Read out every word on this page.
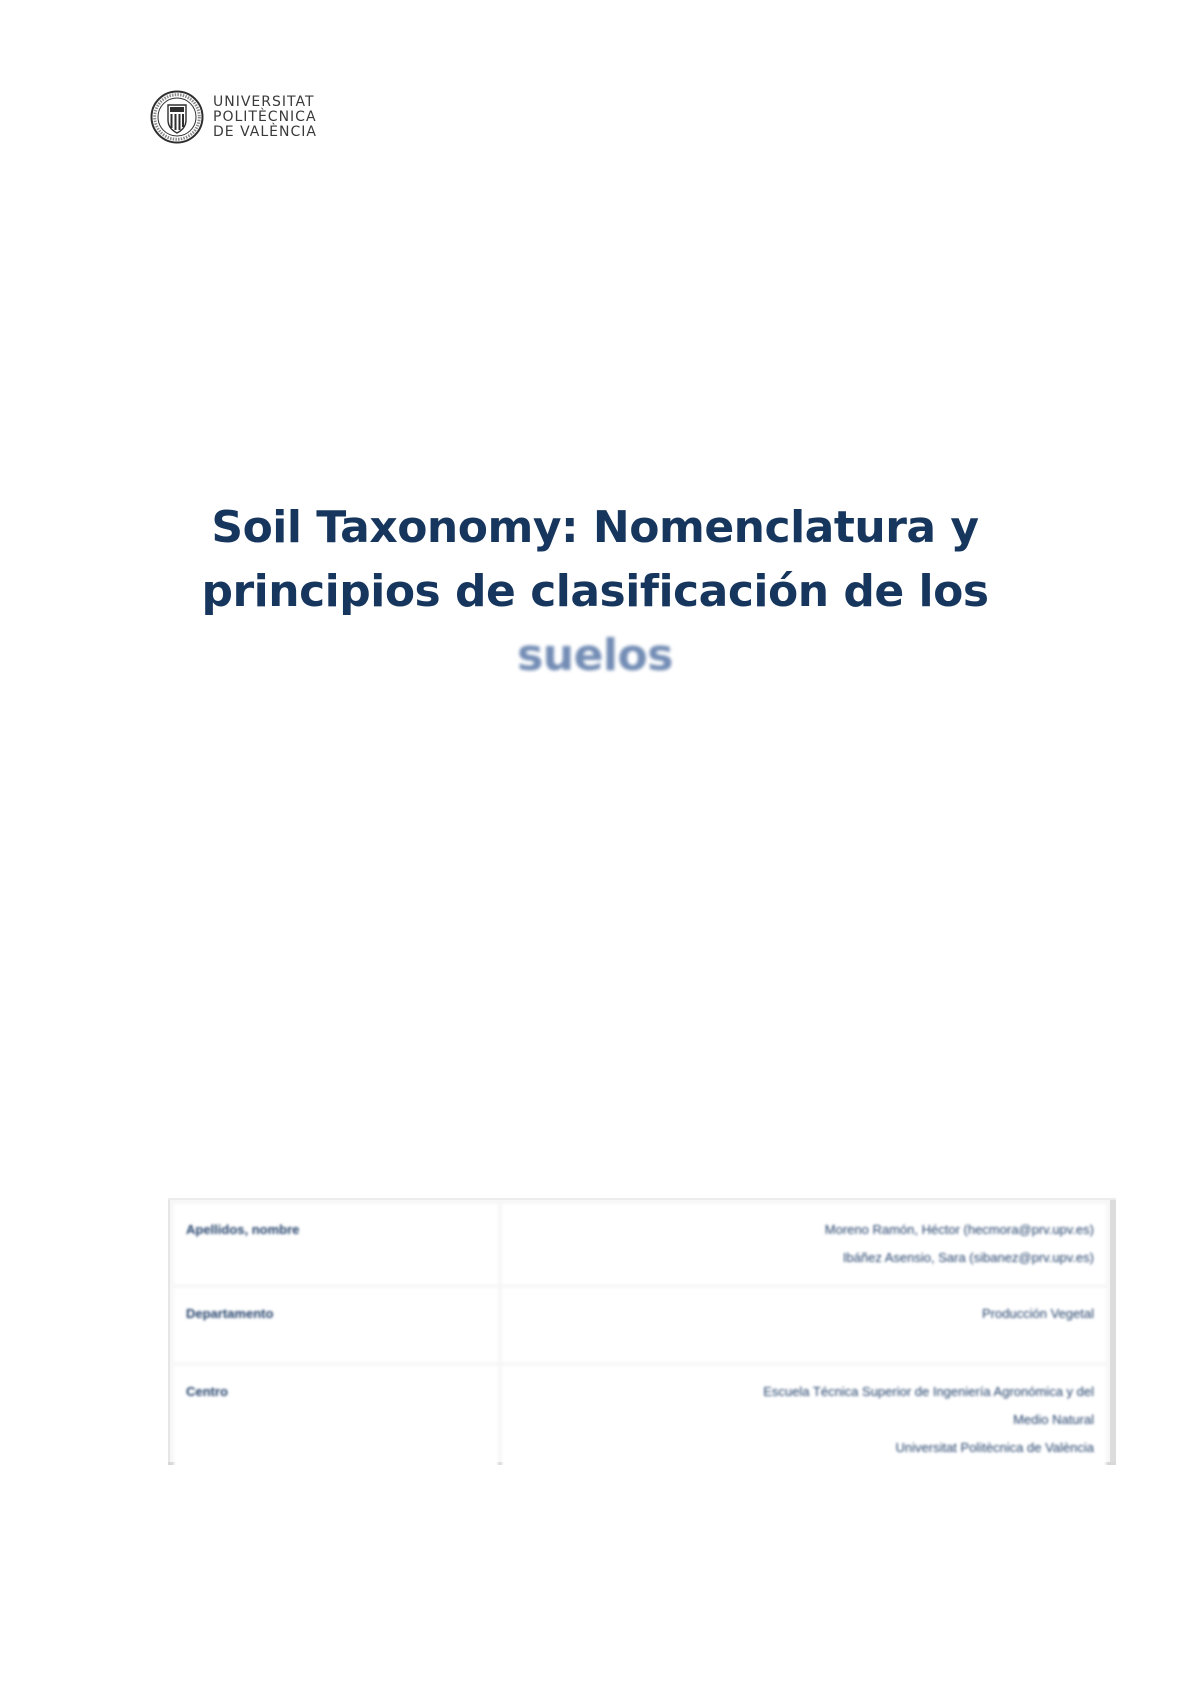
UNIVERSITAT
POLITÈCNICA
DE VALÈNCIA
Soil Taxonomy: Nomenclatura y
principios de clasificación de los
suelos
Apellidos, nombre	Moreno Ramón, Héctor (hecmora@prv.upv.es)
Ibáñez Asensio, Sara (sibanez@prv.upv.es)

Departamento	Producción Vegetal

Centro	Escuela Técnica Superior de Ingeniería Agronómica y del
Medio Natural
Universitat Politècnica de València
